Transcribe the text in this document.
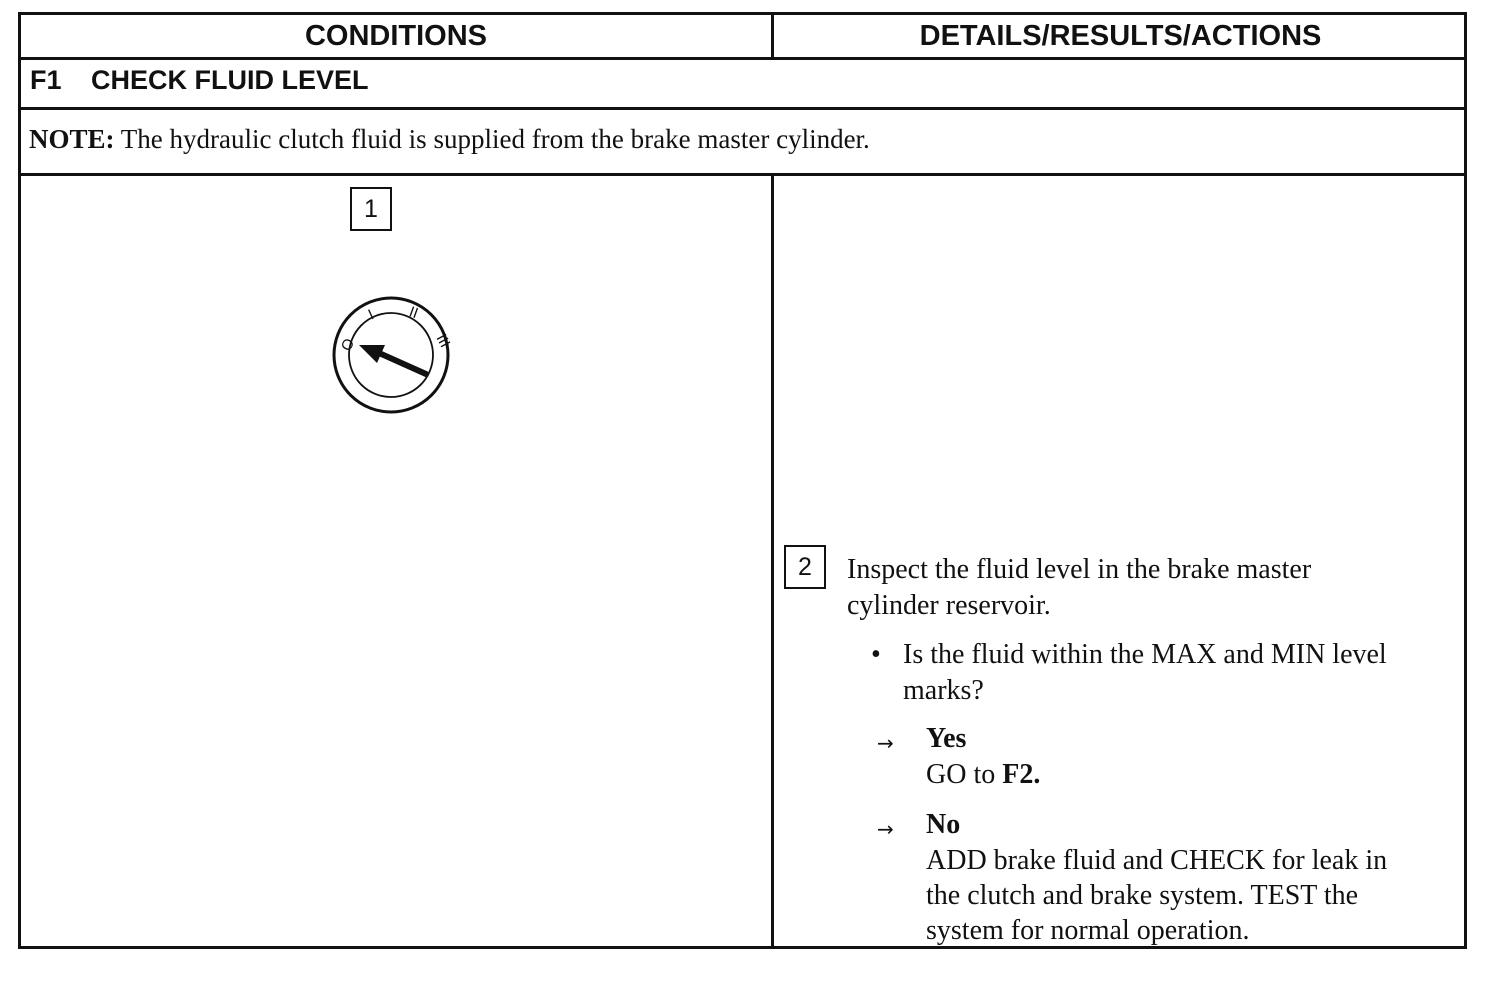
CONDITIONS	DETAILS/RESULTS/ACTIONS
F1 CHECK FLUID LEVEL
NOTE: The hydraulic clutch fluid is supplied from the brake master cylinder.
1
O
I II
III
2	Inspect the fluid level in the brake master
cylinder reservoir.
• Is the fluid within the MAX and MIN level
marks?
→ Yes
GO to F2.
→ No
ADD brake fluid and CHECK for leak in
the clutch and brake system. TEST the
system for normal operation.
